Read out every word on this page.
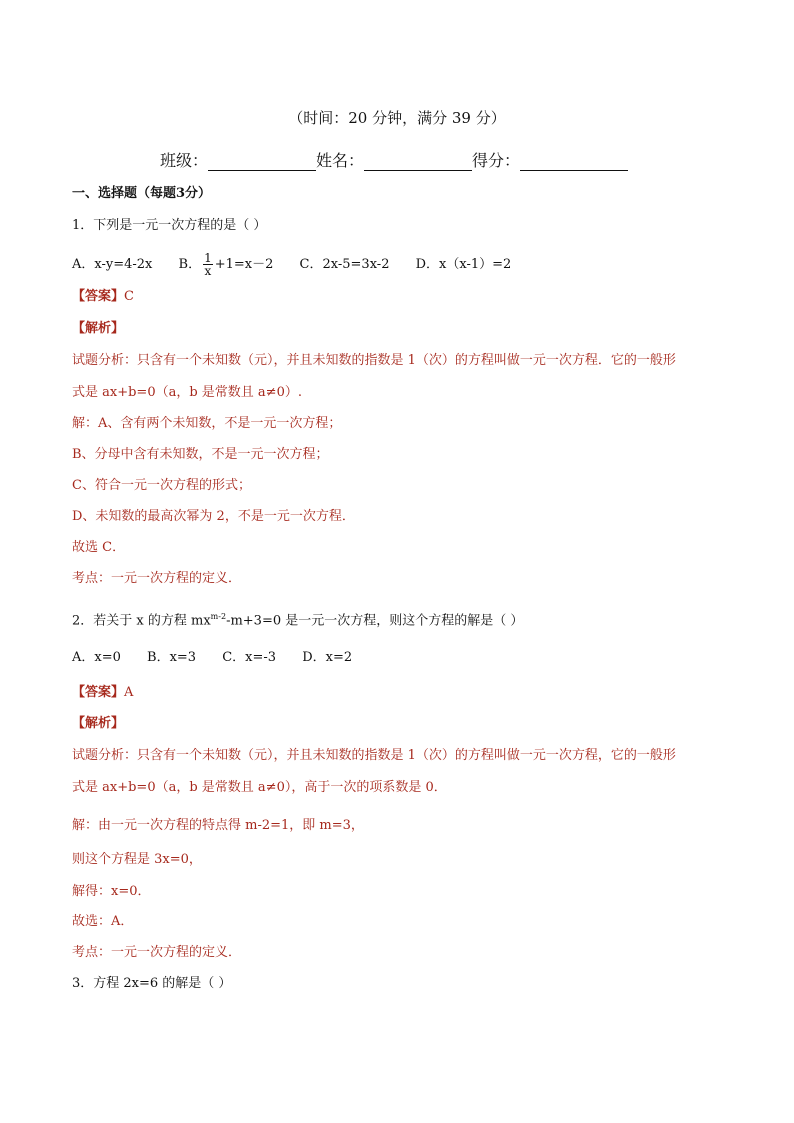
（时间：20 分钟，满分 39 分）
班级：	姓名：	得分：
一、选择题（每题3分）
1．下列是一元一次方程的是（ ）
A．x-y=4-2x B． $\frac{1}{x} +1=x-2$ C．2x-5=3x-2 D．x（x-1）=2
【答案】C
【解析】
试题分析：只含有一个未知数（元），并且未知数的指数是 1（次）的方程叫做一元一次方程．它的一般形
式是 ax+b=0（a，b 是常数且 a≠0）.
解：A、含有两个未知数，不是一元一次方程；
B、分母中含有未知数，不是一元一次方程；
C、符合一元一次方程的形式；
D、未知数的最高次幂为 2，不是一元一次方程．
故选 C．
考点：一元一次方程的定义．
2．若关于 x 的方程 $mx^{m-2}-m+3=0$ 是一元一次方程，则这个方程的解是（ ）
A．x=0 B．x=3 C．x=-3 D．x=2
【答案】A
【解析】
试题分析：只含有一个未知数（元），并且未知数的指数是 1（次）的方程叫做一元一次方程，它的一般形
式是 ax+b=0（a，b 是常数且 a≠0），高于一次的项系数是 0．
解：由一元一次方程的特点得 m-2=1，即 m=3，
则这个方程是 3x=0，
解得：x=0．
故选：A．
考点：一元一次方程的定义．
3．方程 2x=6 的解是（ ）
